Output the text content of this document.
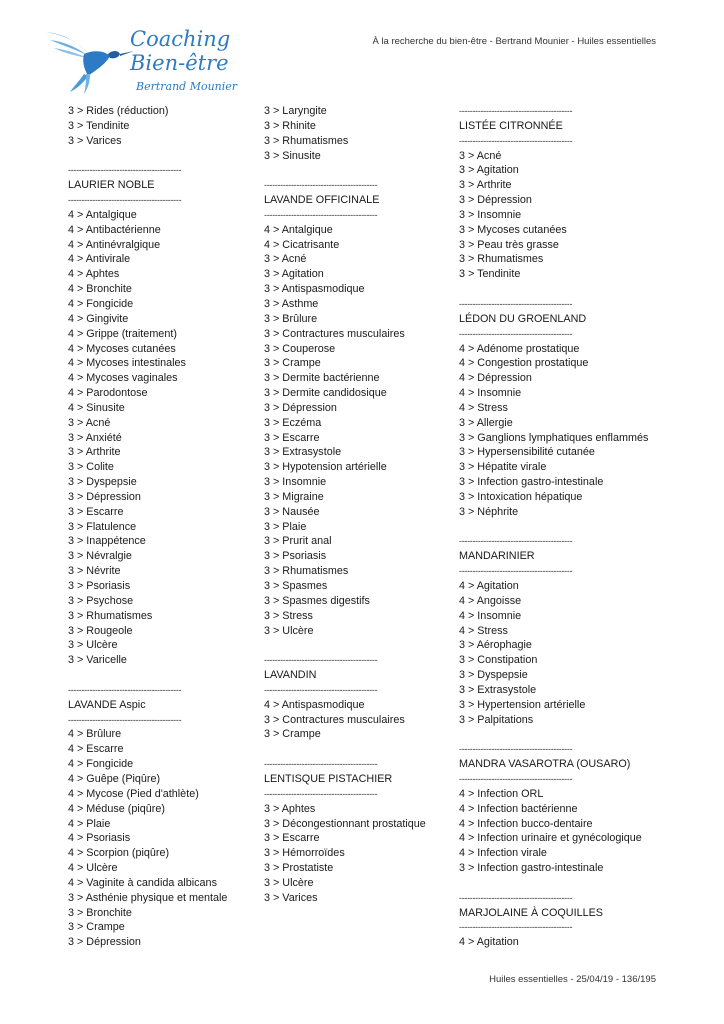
Coaching
Bien-être
Bertrand Mounier
À la recherche du bien-être - Bertrand Mounier - Huiles essentielles
3 > Rides (réduction)
3 > Tendinite
3 > Varices
------------------------------------------
LAURIER NOBLE
------------------------------------------
4 > Antalgique
4 > Antibactérienne
4 > Antinévralgique
4 > Antivirale
4 > Aphtes
4 > Bronchite
4 > Fongicide
4 > Gingivite
4 > Grippe (traitement)
4 > Mycoses cutanées
4 > Mycoses intestinales
4 > Mycoses vaginales
4 > Parodontose
4 > Sinusite
3 > Acné
3 > Anxiété
3 > Arthrite
3 > Colite
3 > Dyspepsie
3 > Dépression
3 > Escarre
3 > Flatulence
3 > Inappétence
3 > Névralgie
3 > Névrite
3 > Psoriasis
3 > Psychose
3 > Rhumatismes
3 > Rougeole
3 > Ulcère
3 > Varicelle
------------------------------------------
LAVANDE Aspic
------------------------------------------
4 > Brûlure
4 > Escarre
4 > Fongicide
4 > Guêpe (Piqûre)
4 > Mycose (Pied d'athlète)
4 > Méduse (piqûre)
4 > Plaie
4 > Psoriasis
4 > Scorpion (piqûre)
4 > Ulcère
4 > Vaginite à candida albicans
3 > Asthénie physique et mentale
3 > Bronchite
3 > Crampe
3 > Dépression
3 > Laryngite
3 > Rhinite
3 > Rhumatismes
3 > Sinusite
------------------------------------------
LAVANDE OFFICINALE
------------------------------------------
4 > Antalgique
4 > Cicatrisante
3 > Acné
3 > Agitation
3 > Antispasmodique
3 > Asthme
3 > Brûlure
3 > Contractures musculaires
3 > Couperose
3 > Crampe
3 > Dermite bactérienne
3 > Dermite candidosique
3 > Dépression
3 > Eczéma
3 > Escarre
3 > Extrasystole
3 > Hypotension artérielle
3 > Insomnie
3 > Migraine
3 > Nausée
3 > Plaie
3 > Prurit anal
3 > Psoriasis
3 > Rhumatismes
3 > Spasmes
3 > Spasmes digestifs
3 > Stress
3 > Ulcère
------------------------------------------
LAVANDIN
------------------------------------------
4 > Antispasmodique
3 > Contractures musculaires
3 > Crampe
------------------------------------------
LENTISQUE PISTACHIER
------------------------------------------
3 > Aphtes
3 > Décongestionnant prostatique
3 > Escarre
3 > Hémorroïdes
3 > Prostatiste
3 > Ulcère
3 > Varices
------------------------------------------
LISTÉE CITRONNÉE
------------------------------------------
3 > Acné
3 > Agitation
3 > Arthrite
3 > Dépression
3 > Insomnie
3 > Mycoses cutanées
3 > Peau très grasse
3 > Rhumatismes
3 > Tendinite
------------------------------------------
LÉDON DU GROENLAND
------------------------------------------
4 > Adénome prostatique
4 > Congestion prostatique
4 > Dépression
4 > Insomnie
4 > Stress
3 > Allergie
3 > Ganglions lymphatiques enflammés
3 > Hypersensibilité cutanée
3 > Hépatite virale
3 > Infection gastro-intestinale
3 > Intoxication hépatique
3 > Néphrite
------------------------------------------
MANDARINIER
------------------------------------------
4 > Agitation
4 > Angoisse
4 > Insomnie
4 > Stress
3 > Aérophagie
3 > Constipation
3 > Dyspepsie
3 > Extrasystole
3 > Hypertension artérielle
3 > Palpitations
------------------------------------------
MANDRA VASAROTRA (OUSARO)
------------------------------------------
4 > Infection ORL
4 > Infection bactérienne
4 > Infection bucco-dentaire
4 > Infection urinaire et gynécologique
4 > Infection virale
3 > Infection gastro-intestinale
------------------------------------------
MARJOLAINE À COQUILLES
------------------------------------------
4 > Agitation
Huiles essentielles - 25/04/19 - 136/195
